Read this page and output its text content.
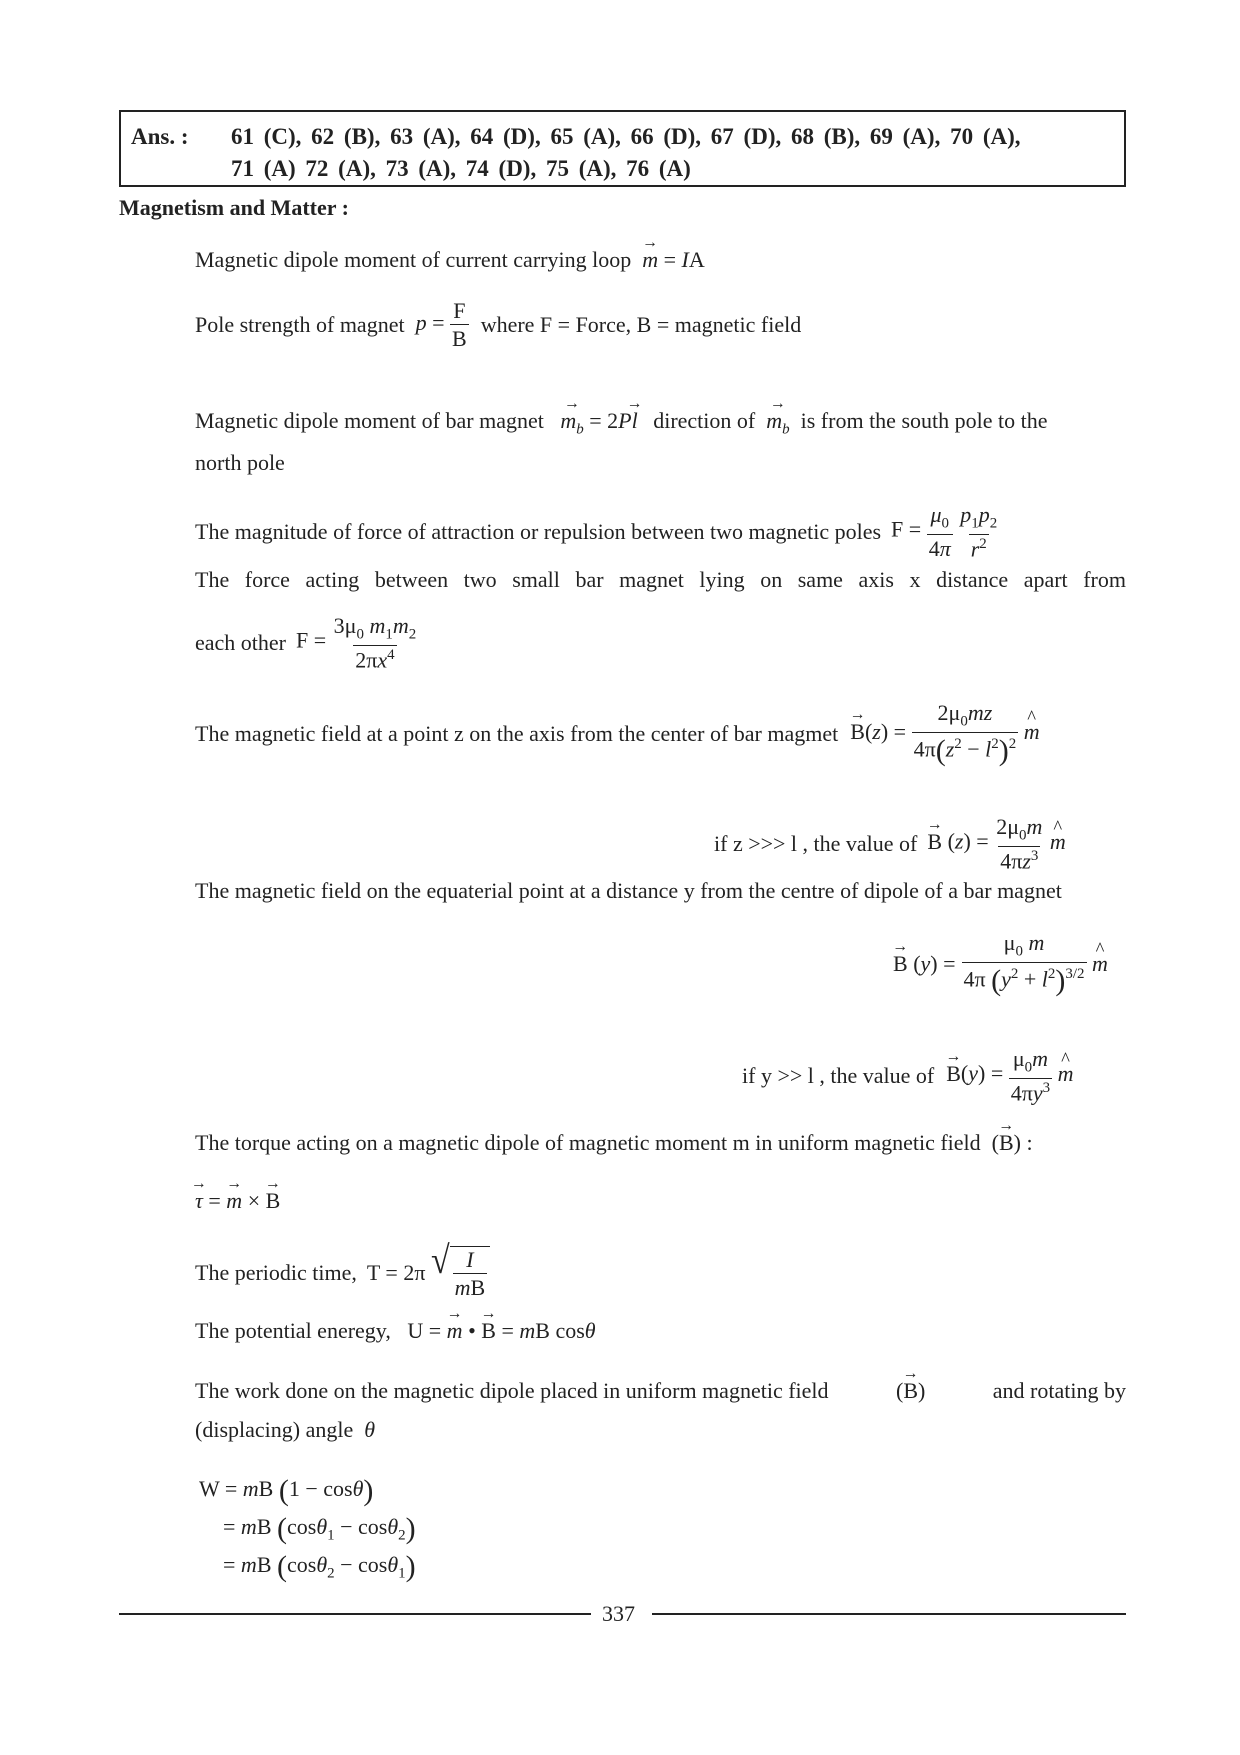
Ans. : 61 (C), 62 (B), 63 (A), 64 (D), 65 (A), 66 (D), 67 (D), 68 (B), 69 (A), 70 (A),
71 (A) 72 (A), 73 (A), 74 (D), 75 (A), 76 (A)
Magnetism and Matter :
Magnetic dipole moment of current carrying loop → m = IA
Pole strength of magnet $p = \frac{F}{B}$ where F = Force, B = magnetic field
Magnetic dipole moment of bar magnet → $m_b = 2P\to l$ direction of → $m_b$ is from the south pole to the
north pole
The magnitude of force of attraction or repulsion between two magnetic poles $F = \frac{\mu_0}{4\pi}$
$\frac{p_1p_2}{r^2}$
The force acting between two small bar magnet lying on same axis x distance apart from
each other $F = \frac{3\mu_0 m_1m_2}{2\pi x^4}$
The magnetic field at a point z on the axis from the center of bar magmet → $B(z) = \frac{2\mu_0mz}{4\pi(z^2 - l^2)^2}$ ^ m
if z >>> l , the value of → B $(z) = \frac{2\mu_0m}{4\pi z^3}$ ^ m
The magnetic field on the equaterial point at a distance y from the centre of dipole of a bar magnet
→ B ( y ) = $\frac{\mu_0 m}{4\pi (y^2 + l^2)^{3/2}}$
^ m
if y >> l , the value of → $B(y) = \frac{\mu_0m}{4\pi y^3}$ ^ m
The torque acting on a magnetic dipole of magnetic moment m in uniform magnetic field  (→ B) :
→ τ = → m × → B
The periodic time, T = 2π √ $\frac{I}{mB}$
The potential eneregy,   U = → m • → B = mB cosθ
The work done on the magnetic dipole placed in uniform magnetic field	(→ B)	and rotating by
(displacing) angle  θ
W = mB (1 − cosθ)
= mB (cosθ$_1$ − cosθ$_2$)
= mB (cosθ$_2$ − cosθ$_1$)
337
